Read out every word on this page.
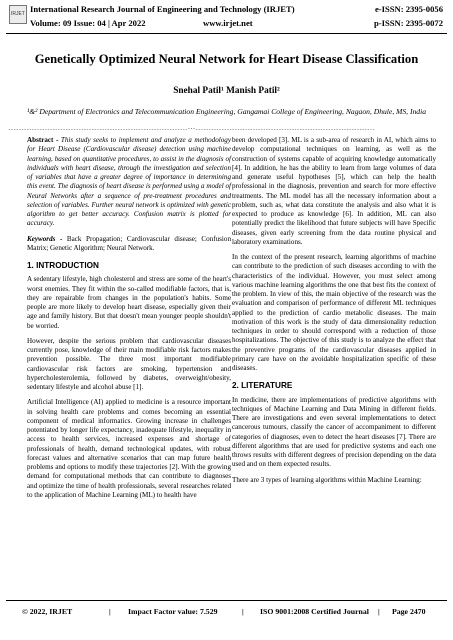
IRJET International Research Journal of Engineering and Technology (IRJET)
Volume: 09 Issue: 04 | Apr 2022	www.irjet.net
e-ISSN: 2395-0056
p-ISSN: 2395-0072
Genetically Optimized Neural Network for Heart Disease Classification
Snehal Patil¹ Manish Patil²
¹&² Department of Electronics and Telecommunication Engineering, Gangamai College of Engineering, Nagaon, Dhule, MS, India
---------------------------------------------------------------------***---------------------------------------------------------------------

Abstract - This study seeks to implement and analyze a methodology for Heart Disease (Cardiovascular disease) detection using machine learning, based on quantitative procedures, to assist in the diagnosis of individuals with heart disease, through the investigation and selection of variables that have a greater degree of importance in determining this event. The diagnosis of heart disease is performed using a model of Neural Networks after a sequence of pre-treatment procedures and selection of variables. Further neural network is optimized with genetic algorithm to get better accuracy. Confusion matrix is plotted for accuracy.

Keywords - Back Propagation; Cardiovascular disease; Confusion Matrix; Genetic Algorithm; Neural Network.

1. INTRODUCTION

A sedentary lifestyle, high cholesterol and stress are some of the heart's worst enemies. They fit within the so-called modifiable factors, that is, they are repairable from changes in the population's habits. Some people are more likely to develop heart disease, especially given their age and family history. But that doesn't mean younger people shouldn't be worried.

However, despite the serious problem that cardiovascular diseases currently pose, knowledge of their main modifiable risk factors makes prevention possible. The three most important modifiable cardiovascular risk factors are smoking, hypertension and hypercholesterolemia, followed by diabetes, overweight/obesity, sedentary lifestyle and alcohol abuse [1].

Artificial Intelligence (AI) applied to medicine is a resource important in solving health care problems and comes becoming an essential component of medical informatics. Growing increase in challenges potentiated by longer life expectancy, inadequate lifestyle, inequality in access to health services, increased expenses and shortage of professionals of health, demand technological updates, with robust forecast values and alternative scenarios that can map future health problems and options to modify these trajectories [2]. With the growing demand for computational methods that can contribute to diagnoses and optimize the time of health professionals, several researches related to the application of Machine Learning (ML) to health have

been developed [3]. ML is a sub-area of research in AI, which aims to develop computational techniques on learning, as well as the construction of systems capable of acquiring knowledge automatically [4]. In addition, he has the ability to learn from large volumes of data and generate useful hypotheses [5], which can help the health professional in the diagnosis, prevention and search for more effective treatments. The ML model has all the necessary information about a problem, such as, what data constitute the analysis and also what it is expected to produce as knowledge [6]. In addition, ML can also potentially predict the likelihood that future subjects will have Specific diseases, given early screening from the data routine physical and laboratory examinations.

In the context of the present research, learning algorithms of machine can contribute to the prediction of such diseases according to with the characteristics of the individual. However, you must select among various machine learning algorithms the one that best fits the context of the problem. In view of this, the main objective of the research was the evaluation and comparison of performance of different ML techniques applied to the prediction of cardio metabolic diseases. The main motivation of this work is the study of data dimensionality reduction techniques in order to should correspond with a reduction of those hospitalizations. The objective of this study is to analyze the effect that the preventive programs of the cardiovascular diseases applied in primary care have on the avoidable hospitalization specific of these diseases.

2. LITERATURE

In medicine, there are implementations of predictive algorithms with techniques of Machine Learning and Data Mining in different fields. There are investigations and even several implementations to detect cancerous tumours, classify the cancer of accompaniment to different categories of diagnoses, even to detect the heart diseases [7]. There are different algorithms that are used for predictive systems and each one throws results with different degrees of precision depending on the data used and on them expected results.

There are 3 types of learning algorithms within Machine Learning:

© 2022, IRJET	| Impact Factor value: 7.529	| ISO 9001:2008 Certified Journal | Page 2470
